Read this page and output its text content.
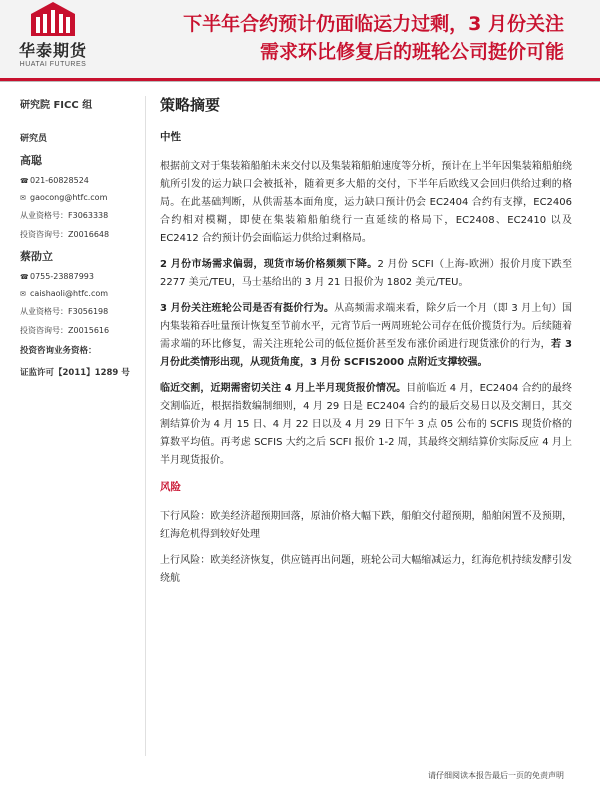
华泰期货
HUATAI FUTURES
下半年合约预计仍面临运力过剩，3 月份关注
需求环比修复后的班轮公司挺价可能
研究院 FICC 组
研究员
高聪
☎021-60828524
✉ gaocong@htfc.com
从业资格号：F3063338
投资咨询号：Z0016648
蔡劭立
☎0755-23887993
✉ caishaoli@htfc.com
从业资格号：F3056198
投资咨询号：Z0015616
投资咨询业务资格：
证监许可【2011】1289 号
策略摘要
中性

根据前文对于集装箱船舶未来交付以及集装箱船舶速度等分析，预计在上半年因集装箱船舶绕航所引发的运力缺口会被抵补，随着更多大船的交付，下半年后欧线又会回归供给过剩的格局。在此基础判断，从供需基本面角度，运力缺口预计仍会 EC2404 合约有支撑，EC2406 合约相对模糊，即使在集装箱船舶绕行一直延续的格局下，EC2408、EC2410 以及 EC2412 合约预计仍会面临运力供给过剩格局。

2 月份市场需求偏弱，现货市场价格频频下降。2 月份 SCFI（上海-欧洲）报价月度下跌至 2277 美元/TEU，马士基给出的 3 月 21 日报价为 1802 美元/TEU。

3 月份关注班轮公司是否有挺价行为。从高频需求端来看，除夕后一个月（即 3 月上旬）国内集装箱吞吐量预计恢复至节前水平，元宵节后一两周班轮公司存在低价揽货行为。后续随着需求端的环比修复，需关注班轮公司的低位挺价甚至发布涨价函进行现货涨价的行为，若 3 月份此类情形出现，从现货角度，3 月份 SCFIS2000 点附近支撑较强。

临近交割，近期需密切关注 4 月上半月现货报价情况。目前临近 4 月，EC2404 合约的最终交割临近，根据指数编制细则，4 月 29 日是 EC2404 合约的最后交易日以及交割日，其交割结算价为 4 月 15 日、4 月 22 日以及 4 月 29 日下午 3 点 05 公布的 SCFIS 现货价格的算数平均值。再考虑 SCFIS 大约之后 SCFI 报价 1-2 周，其最终交割结算价实际反应 4 月上半月现货报价。

风险

下行风险：欧美经济超预期回落，原油价格大幅下跌，船舶交付超预期，船舶闲置不及预期，红海危机得到较好处理

上行风险：欧美经济恢复，供应链再出问题，班轮公司大幅缩减运力，红海危机持续发酵引发绕航

请仔细阅读本报告最后一页的免责声明
